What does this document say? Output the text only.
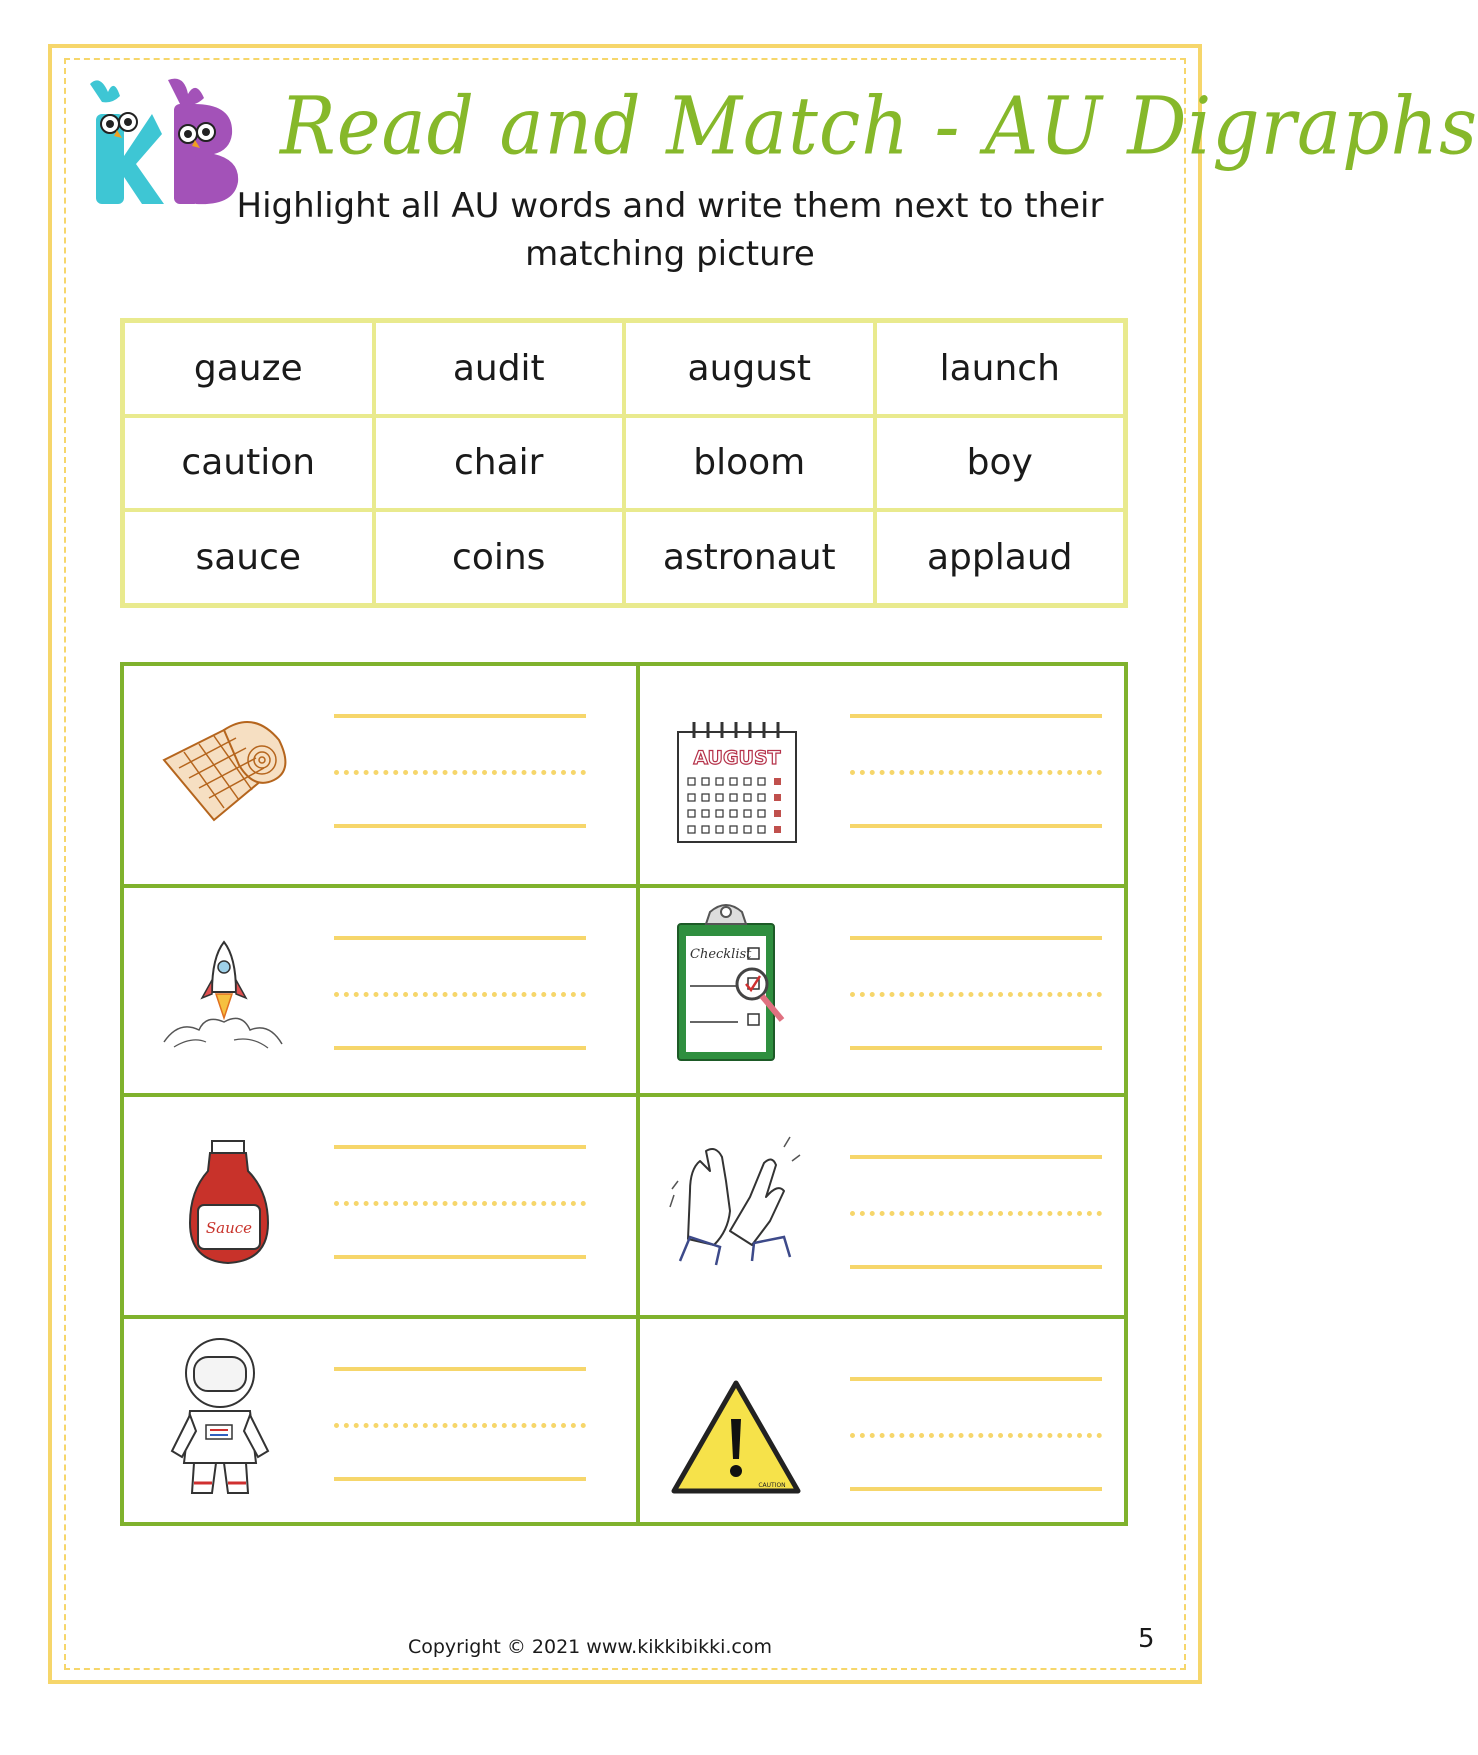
Read and Match - AU Digraphs
Highlight all AU words and write them next to their
matching picture
gauze	audit	august	launch
caution	chair	bloom	boy
sauce	coins	astronaut	applaud
AUGUST
Checklist
Sauce
CAUTION
Copyright © 2021 www.kikkibikki.com	5
